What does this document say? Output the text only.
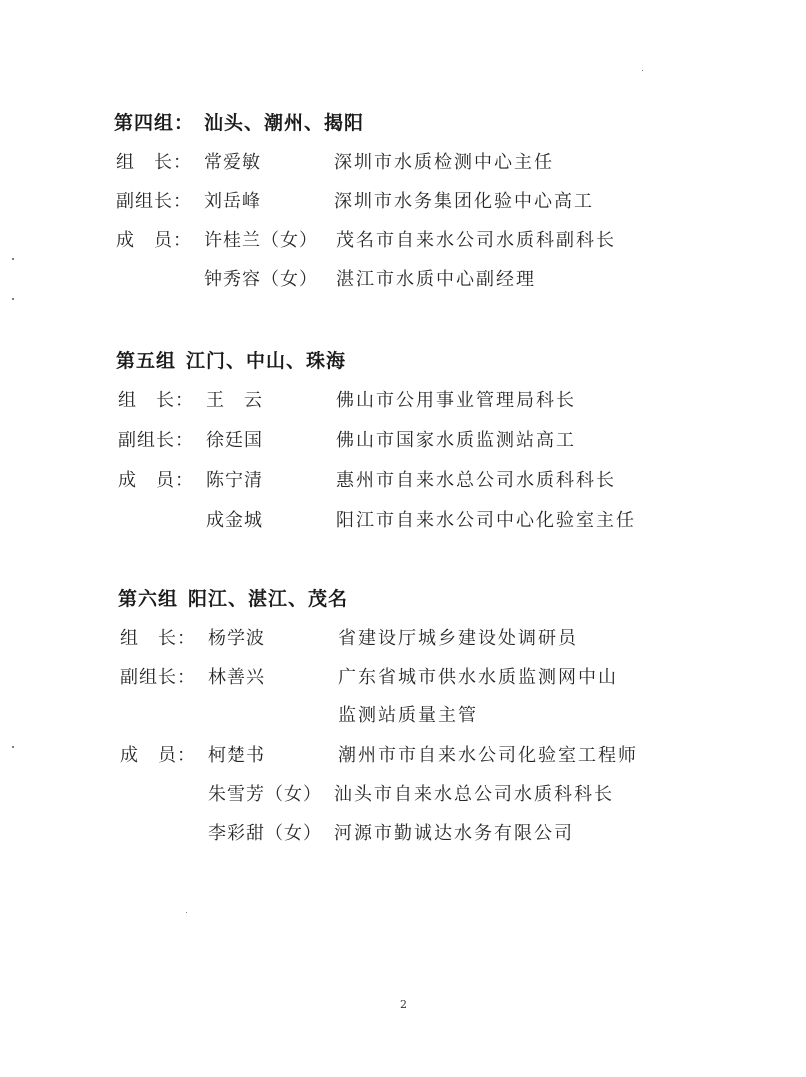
第四组： 汕头、潮州、揭阳
组　长： 常爱敏	深圳市水质检测中心主任
副组长： 刘岳峰	深圳市水务集团化验中心高工
成　员： 许桂兰（女） 茂名市自来水公司水质科副科长
钟秀容（女） 湛江市水质中心副经理
第五组 江门、中山、珠海
组　长： 王　云	佛山市公用事业管理局科长
副组长： 徐廷国	佛山市国家水质监测站高工
成　员： 陈宁清	惠州市自来水总公司水质科科长
成金城	阳江市自来水公司中心化验室主任
第六组 阳江、湛江、茂名
组　长： 杨学波	省建设厅城乡建设处调研员
副组长： 林善兴	广东省城市供水水质监测网中山
监测站质量主管
成　员： 柯楚书	潮州市市自来水公司化验室工程师
朱雪芳（女） 汕头市自来水总公司水质科科长
李彩甜（女） 河源市勤诚达水务有限公司
2
